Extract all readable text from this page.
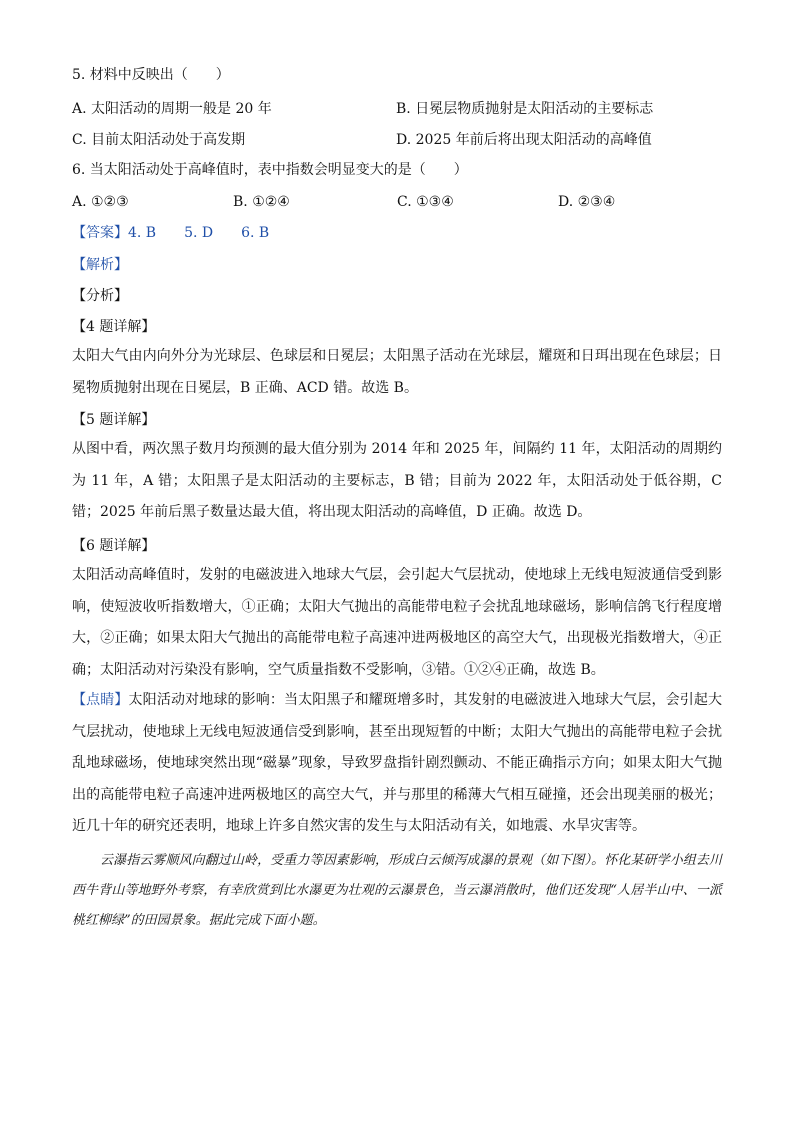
5. 材料中反映出（　　）
A. 太阳活动的周期一般是 20 年	B. 日冕层物质抛射是太阳活动的主要标志
C. 目前太阳活动处于高发期	D. 2025 年前后将出现太阳活动的高峰值
6. 当太阳活动处于高峰值时，表中指数会明显变大的是（　　）
A. ①②③	B. ①②④	C. ①③④	D. ②③④
【答案】4. B　　5. D　　6. B
【解析】
【分析】
【4 题详解】
太阳大气由内向外分为光球层、色球层和日冕层；太阳黑子活动在光球层，耀斑和日珥出现在色球层；日冕物质抛射出现在日冕层，B 正确、ACD 错。故选 B。
【5 题详解】
从图中看，两次黑子数月均预测的最大值分别为 2014 年和 2025 年，间隔约 11 年，太阳活动的周期约为 11 年，A 错；太阳黑子是太阳活动的主要标志，B 错；目前为 2022 年，太阳活动处于低谷期，C 错；2025 年前后黑子数量达最大值，将出现太阳活动的高峰值，D 正确。故选 D。
【6 题详解】
太阳活动高峰值时，发射的电磁波进入地球大气层，会引起大气层扰动，使地球上无线电短波通信受到影响，使短波收听指数增大，①正确；太阳大气抛出的高能带电粒子会扰乱地球磁场，影响信鸽飞行程度增大，②正确；如果太阳大气抛出的高能带电粒子高速冲进两极地区的高空大气，出现极光指数增大，④正确；太阳活动对污染没有影响，空气质量指数不受影响，③错。①②④正确，故选 B。
【点睛】太阳活动对地球的影响：当太阳黑子和耀斑增多时，其发射的电磁波进入地球大气层，会引起大气层扰动，使地球上无线电短波通信受到影响，甚至出现短暂的中断；太阳大气抛出的高能带电粒子会扰乱地球磁场，使地球突然出现“磁暴”现象，导致罗盘指针剧烈颤动、不能正确指示方向；如果太阳大气抛出的高能带电粒子高速冲进两极地区的高空大气，并与那里的稀薄大气相互碰撞，还会出现美丽的极光；近几十年的研究还表明，地球上许多自然灾害的发生与太阳活动有关，如地震、水旱灾害等。
云瀑指云雾顺风向翻过山岭，受重力等因素影响，形成白云倾泻成瀑的景观（如下图）。怀化某研学小组去川西牛背山等地野外考察，有幸欣赏到比水瀑更为壮观的云瀑景色，当云瀑消散时，他们还发现“人居半山中、一派桃红柳绿”的田园景象。据此完成下面小题。
